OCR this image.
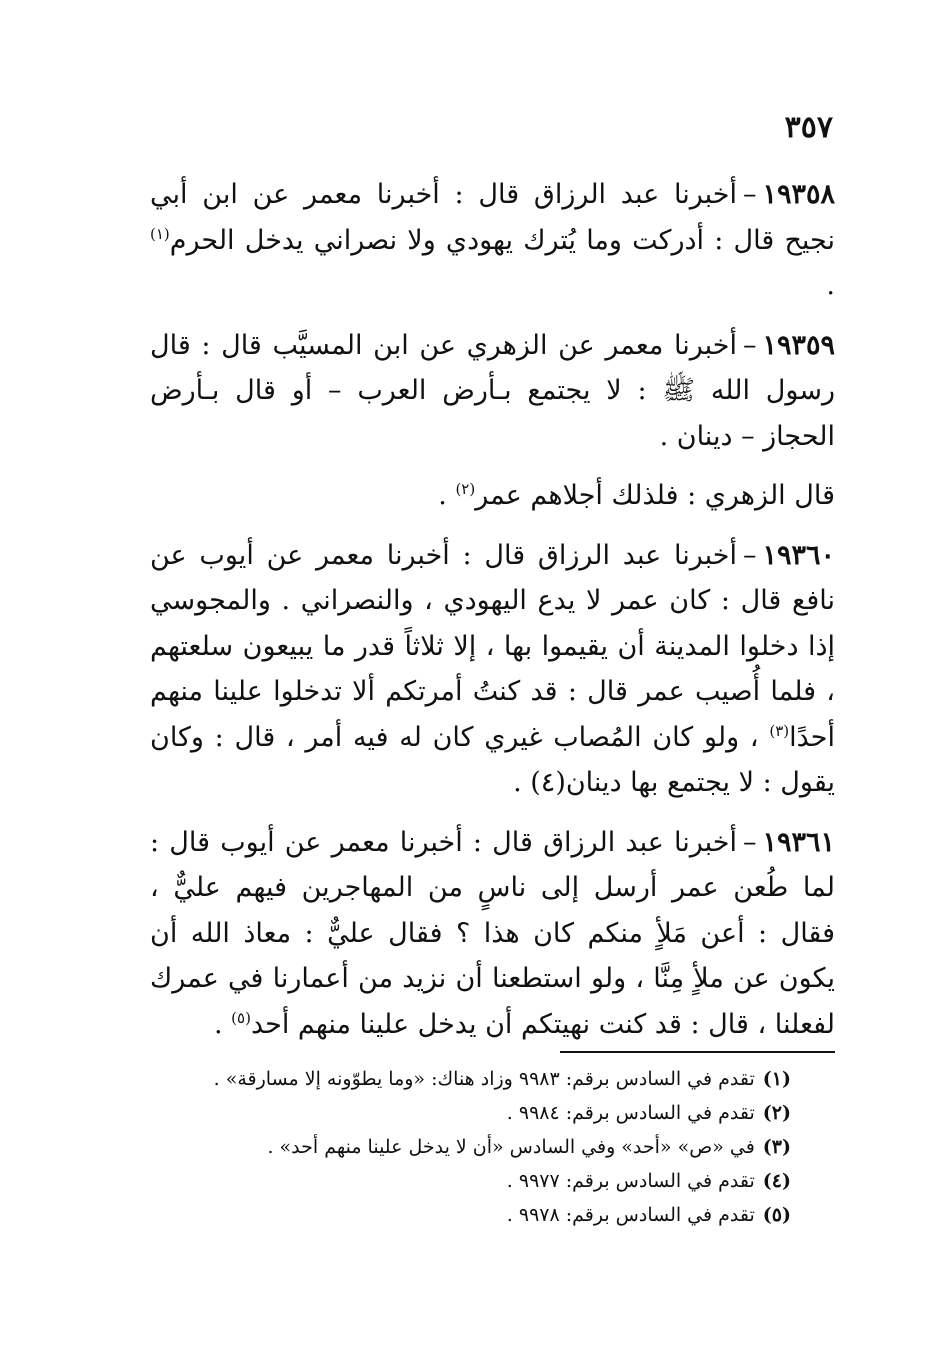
٣٥٧

١٩٣٥٨–أخبرنا عبد الرزاق قال : أخبرنا معمر عن ابن أبي نجيح قال : أدركت وما يُترك يهودي ولا نصراني يدخل الحرم$^{(١)}$ .

١٩٣٥٩–أخبرنا معمر عن الزهري عن ابن المسيَّب قال : قال رسول الله ﷺ : لا يجتمع بـأرض العرب – أو قال بـأرض الحجاز – دينان .

قال الزهري : فلذلك أجلاهم عمر$^{(٢)}$ .

١٩٣٦٠–أخبرنا عبد الرزاق قال : أخبرنا معمر عن أيوب عن نافع قال : كان عمر لا يدع اليهودي ، والنصراني . والمجوسي إذا دخلوا المدينة أن يقيموا بها ، إلا ثلاثاً قدر ما يبيعون سلعتهم ، فلما أُصيب عمر قال : قد كنتُ أمرتكم ألا تدخلوا علينا منهم أحدًا$^{(٣)}$ ، ولو كان المُصاب غيري كان له فيه أمر ، قال : وكان يقول : لا يجتمع بها دينان(٤) .

١٩٣٦١–أخبرنا عبد الرزاق قال : أخبرنا معمر عن أيوب قال : لما طُعن عمر أرسل إلى ناسٍ من المهاجرين فيهم عليٌّ ، فقال : أعن مَلأٍ منكم كان هذا ؟ فقال عليٌّ : معاذ الله أن يكون عن ملأٍ مِنَّا ، ولو استطعنا أن نزيد من أعمارنا في عمرك لفعلنا ، قال : قد كنت نهيتكم أن يدخل علينا منهم أحد$^{(٥)}$ .

(١)تقدم في السادس برقم: ٩٩٨٣ وزاد هناك: «وما يطوّونه إلا مسارقة» .

(٢)تقدم في السادس برقم: ٩٩٨٤ .

(٣)في «ص» «أحد» وفي السادس «أن لا يدخل علينا منهم أحد» .

(٤)تقدم في السادس برقم: ٩٩٧٧ .

(٥)تقدم في السادس برقم: ٩٩٧٨ .
